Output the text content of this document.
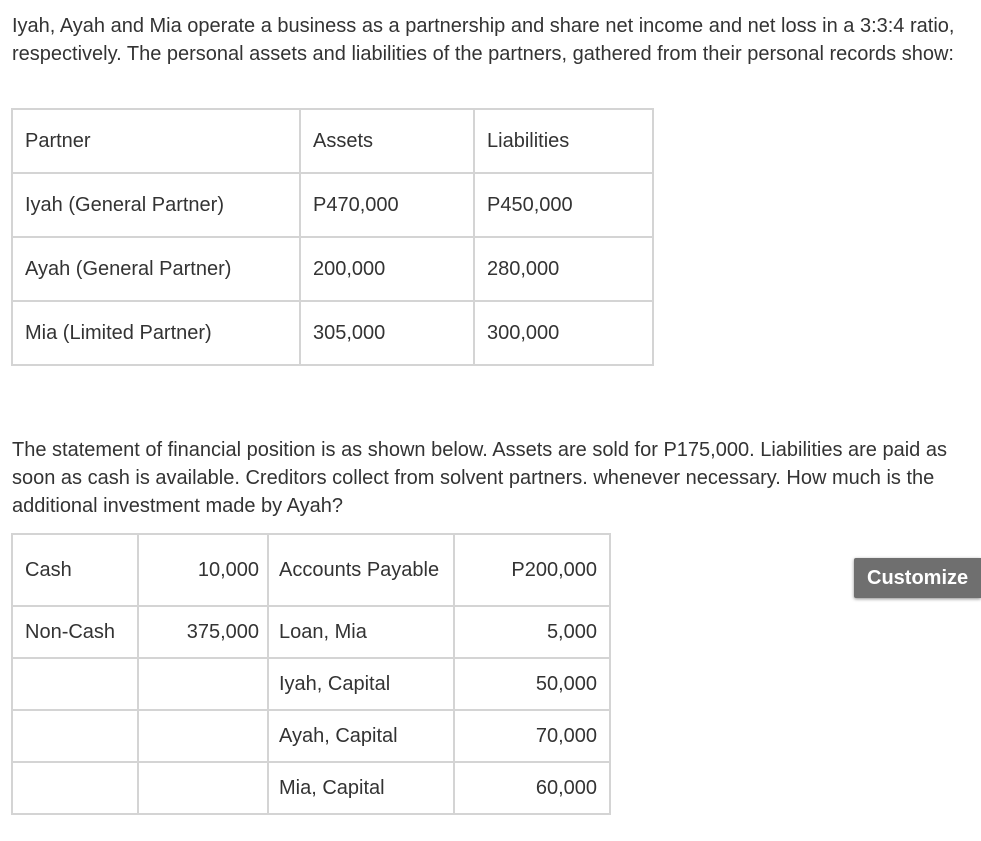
Iyah, Ayah and Mia operate a business as a partnership and share net income and net loss in a 3:3:4 ratio, respectively. The personal assets and liabilities of the partners, gathered from their personal records show:

Partner	Assets	Liabilities
Iyah (General Partner)	P470,000	P450,000
Ayah (General Partner)	200,000	280,000
Mia (Limited Partner)	305,000	300,000

The statement of financial position is as shown below. Assets are sold for P175,000. Liabilities are paid as soon as cash is available. Creditors collect from solvent partners. whenever necessary. How much is the additional investment made by Ayah?

Cash	10,000	Accounts Payable	P200,000
Non-Cash	375,000	Loan, Mia	5,000
		Iyah, Capital	50,000
		Ayah, Capital	70,000
		Mia, Capital	60,000
Customize
